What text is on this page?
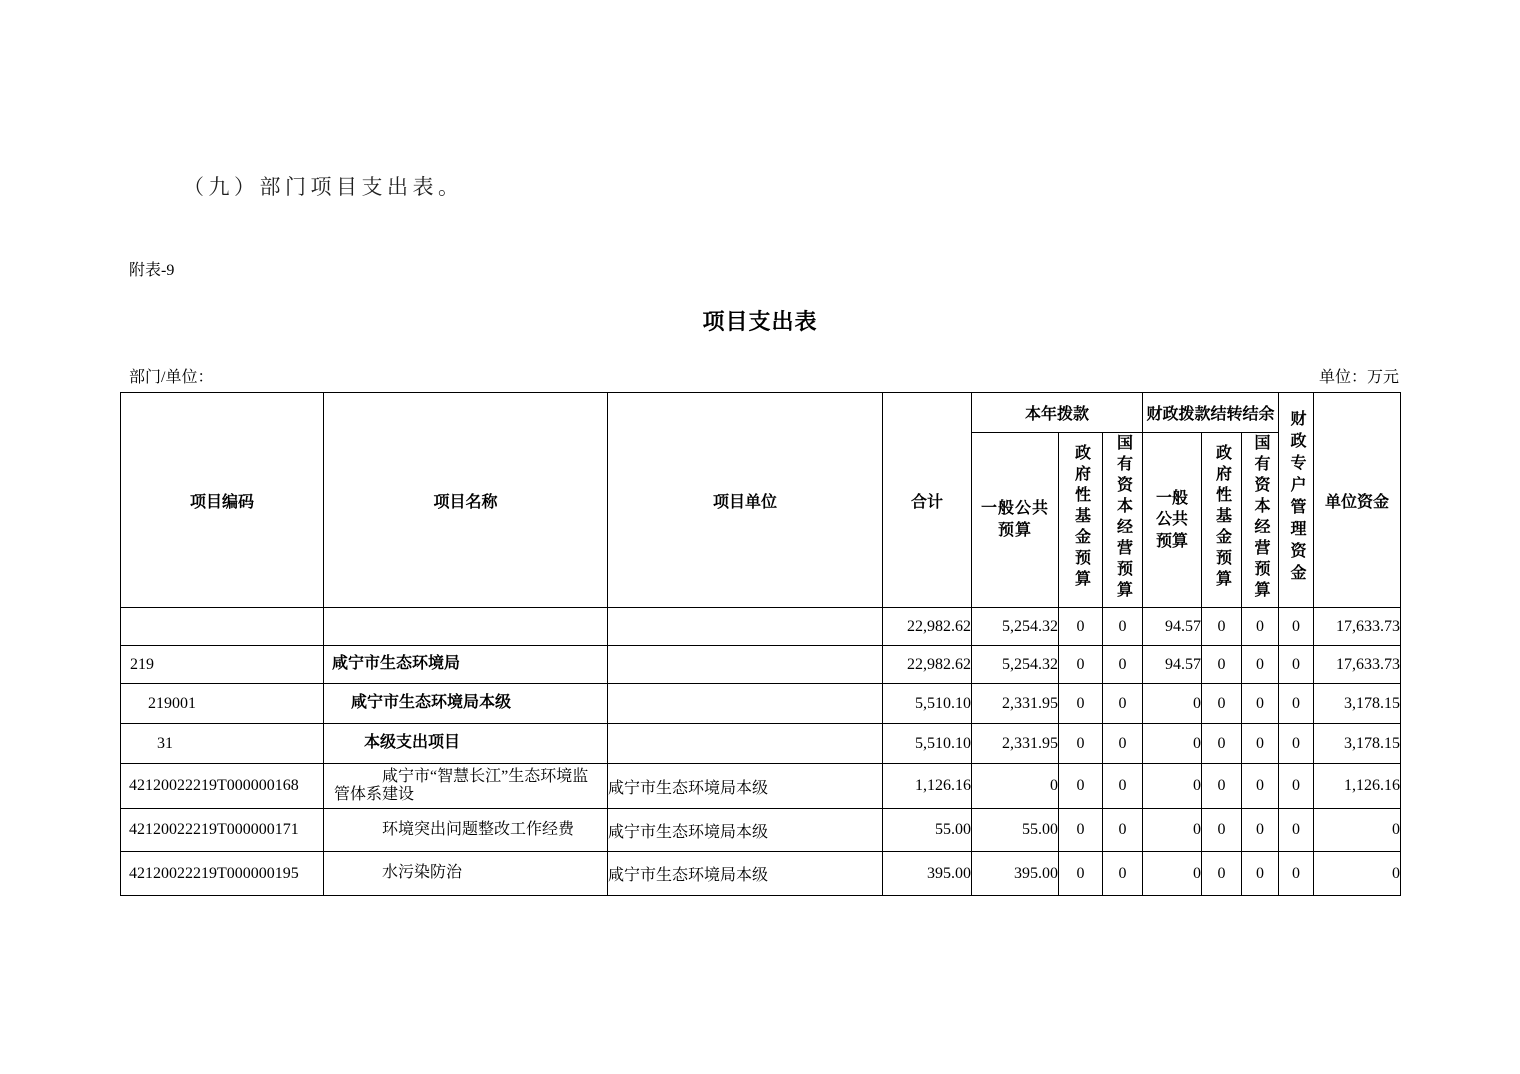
（九）部门项目支出表。
附表-9
项目支出表
部门/单位：	单位：万元
项目编码	项目名称	项目单位	合计	本年拨款			财政拨款结转结余			财政专户管理资金	单位资金
				一般公共预算	政府性基金预算	国有资本经营预算	一般公共预算	政府性基金预算	国有资本经营预算		
			22,982.62	5,254.32	0	0	94.57	0	0	0	17,633.73
219	咸宁市生态环境局		22,982.62	5,254.32	0	0	94.57	0	0	0	17,633.73
219001	咸宁市生态环境局本级		5,510.10	2,331.95	0	0	0	0	0	0	3,178.15
31	本级支出项目		5,510.10	2,331.95	0	0	0	0	0	0	3,178.15
42120022219T000000168	咸宁市“智慧长江”生态环境监管体系建设	咸宁市生态环境局本级	1,126.16	0	0	0	0	0	0	0	1,126.16
42120022219T000000171	环境突出问题整改工作经费	咸宁市生态环境局本级	55.00	55.00	0	0	0	0	0	0	0
42120022219T000000195	水污染防治	咸宁市生态环境局本级	395.00	395.00	0	0	0	0	0	0	0
